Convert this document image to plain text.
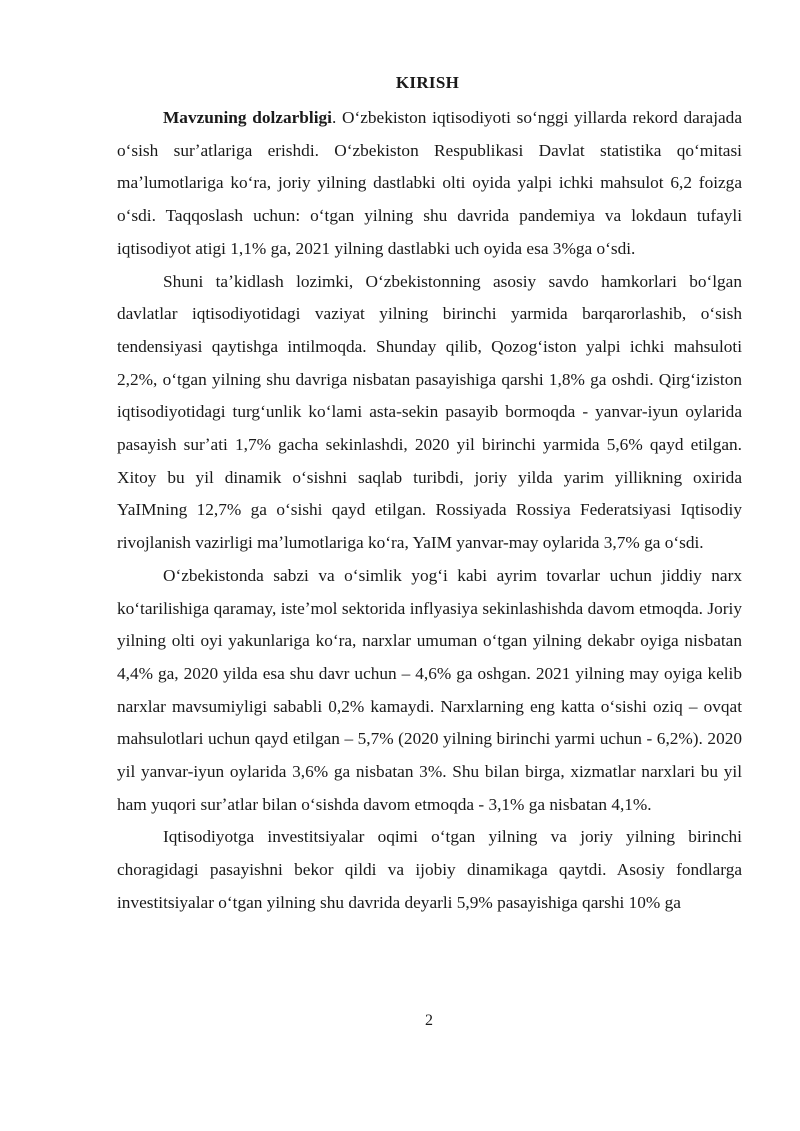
KIRISH

Mavzuning dolzarbligi. Oʻzbekiston iqtisodiyoti soʻnggi yillarda rekord darajada oʻsish surʼatlariga erishdi. Oʻzbekiston Respublikasi Davlat statistika qoʻmitasi maʼlumotlariga koʻra, joriy yilning dastlabki olti oyida yalpi ichki mahsulot 6,2 foizga oʻsdi. Taqqoslash uchun: oʻtgan yilning shu davrida pandemiya va lokdaun tufayli iqtisodiyot atigi 1,1% ga, 2021 yilning dastlabki uch oyida esa 3%ga oʻsdi.

Shuni taʼkidlash lozimki, Oʻzbekistonning asosiy savdo hamkorlari boʻlgan davlatlar iqtisodiyotidagi vaziyat yilning birinchi yarmida barqarorlashib, oʻsish tendensiyasi qaytishga intilmoqda. Shunday qilib, Qozogʻiston yalpi ichki mahsuloti 2,2%, oʻtgan yilning shu davriga nisbatan pasayishiga qarshi 1,8% ga oshdi. Qirgʻiziston iqtisodiyotidagi turgʻunlik koʻlami asta-sekin pasayib bormoqda - yanvar-iyun oylarida pasayish surʼati 1,7% gacha sekinlashdi, 2020 yil birinchi yarmida 5,6% qayd etilgan. Xitoy bu yil dinamik oʻsishni saqlab turibdi, joriy yilda yarim yillikning oxirida YaIMning 12,7% ga oʻsishi qayd etilgan. Rossiyada Rossiya Federatsiyasi Iqtisodiy rivojlanish vazirligi maʼlumotlariga koʻra, YaIM yanvar-may oylarida 3,7% ga oʻsdi.

Oʻzbekistonda sabzi va oʻsimlik yogʻi kabi ayrim tovarlar uchun jiddiy narx koʻtarilishiga qaramay, isteʼmol sektorida inflyasiya sekinlashishda davom etmoqda. Joriy yilning olti oyi yakunlariga koʻra, narxlar umuman oʻtgan yilning dekabr oyiga nisbatan 4,4% ga, 2020 yilda esa shu davr uchun – 4,6% ga oshgan. 2021 yilning may oyiga kelib narxlar mavsumiyligi sababli 0,2% kamaydi. Narxlarning eng katta oʻsishi oziq – ovqat mahsulotlari uchun qayd etilgan – 5,7% (2020 yilning birinchi yarmi uchun - 6,2%). 2020 yil yanvar-iyun oylarida 3,6% ga nisbatan 3%. Shu bilan birga, xizmatlar narxlari bu yil ham yuqori surʼatlar bilan oʻsishda davom etmoqda - 3,1% ga nisbatan 4,1%.

Iqtisodiyotga investitsiyalar oqimi oʻtgan yilning va joriy yilning birinchi choragidagi pasayishni bekor qildi va ijobiy dinamikaga qaytdi. Asosiy fondlarga investitsiyalar oʻtgan yilning shu davrida deyarli 5,9% pasayishiga qarshi 10% ga

2
